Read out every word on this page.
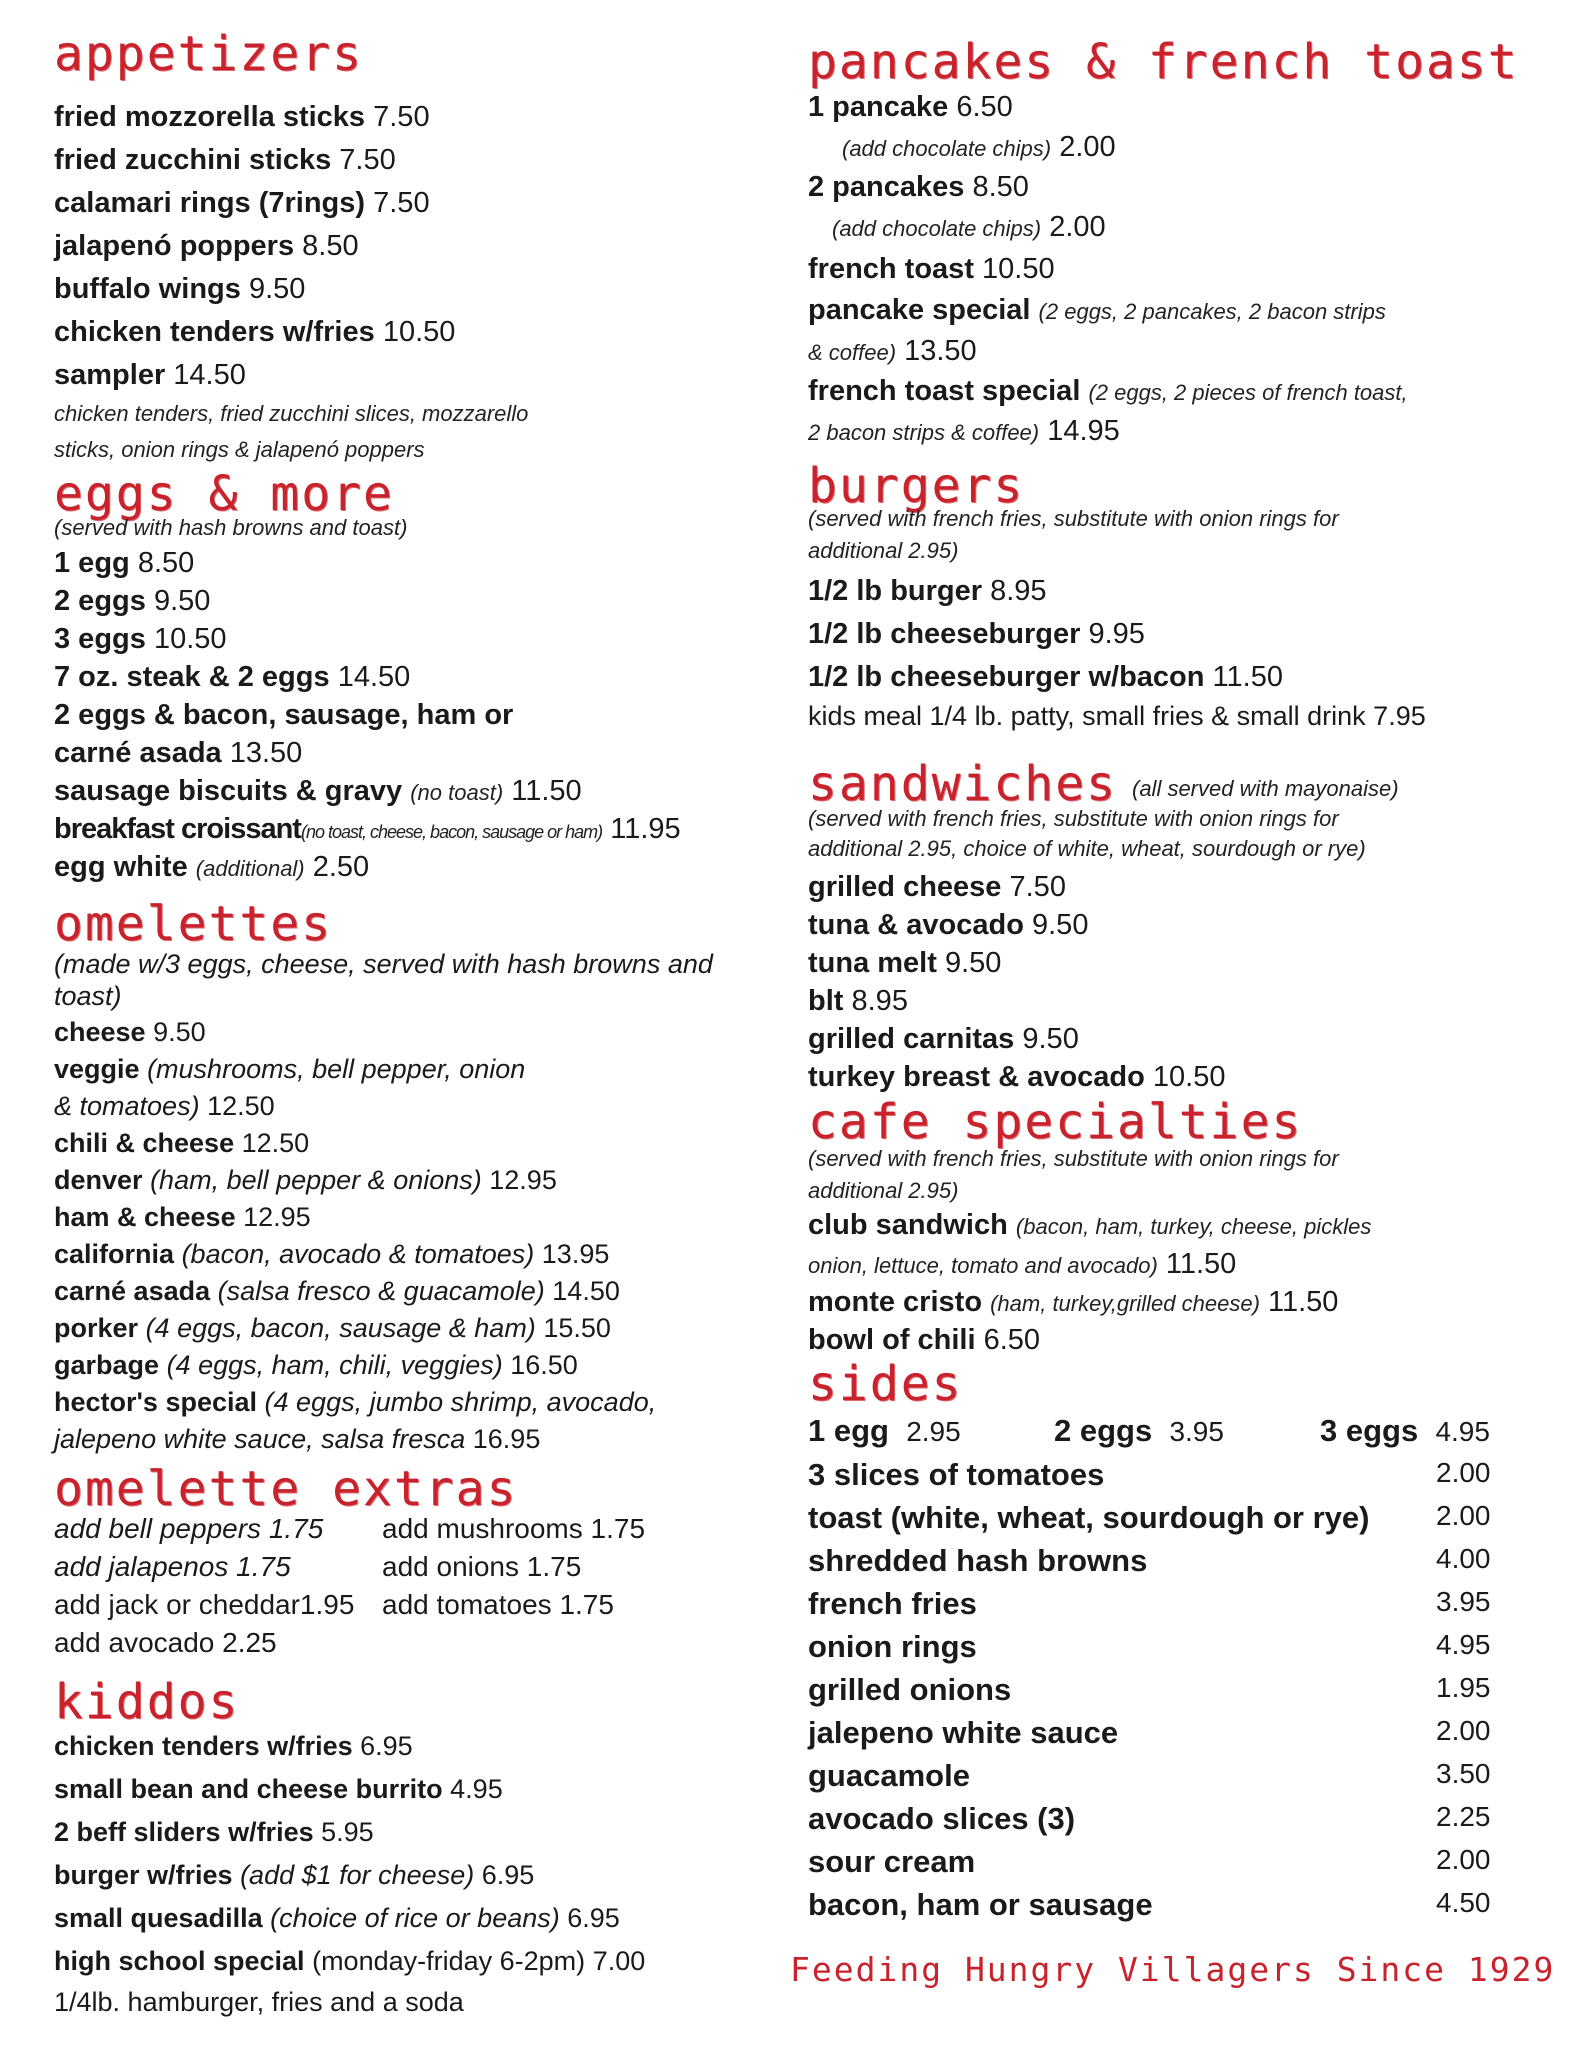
appetizers
fried mozzorella sticks 7.50
fried zucchini sticks 7.50
calamari rings (7rings) 7.50
jalapenó poppers 8.50
buffalo wings 9.50
chicken tenders w/fries 10.50
sampler 14.50
chicken tenders, fried zucchini slices, mozzarello
sticks, onion rings & jalapenó poppers
eggs & more
(served with hash browns and toast)
1 egg 8.50
2 eggs 9.50
3 eggs 10.50
7 oz. steak & 2 eggs 14.50
2 eggs & bacon, sausage, ham or
carné asada 13.50
sausage biscuits & gravy (no toast) 11.50
breakfast croissant(no toast, cheese, bacon, sausage or ham) 11.95
egg white (additional) 2.50
omelettes
(made w/3 eggs, cheese, served with hash browns and
toast)
cheese 9.50
veggie (mushrooms, bell pepper, onion
& tomatoes) 12.50
chili & cheese 12.50
denver (ham, bell pepper & onions) 12.95
ham & cheese 12.95
california (bacon, avocado & tomatoes) 13.95
carné asada (salsa fresco & guacamole) 14.50
porker (4 eggs, bacon, sausage & ham) 15.50
garbage (4 eggs, ham, chili, veggies) 16.50
hector's special (4 eggs, jumbo shrimp, avocado,
jalepeno white sauce, salsa fresca 16.95
omelette extras
add bell peppers 1.75
add jalapenos 1.75
add jack or cheddar1.95
add avocado 2.25
add mushrooms 1.75
add onions 1.75
add tomatoes 1.75
kiddos
chicken tenders w/fries 6.95
small bean and cheese burrito 4.95
2 beff sliders w/fries 5.95
burger w/fries (add $1 for cheese) 6.95
small quesadilla (choice of rice or beans) 6.95
high school special (monday-friday 6-2pm) 7.00
1/4lb. hamburger, fries and a soda
pancakes & french toast
1 pancake 6.50
(add chocolate chips) 2.00
2 pancakes 8.50
(add chocolate chips) 2.00
french toast 10.50
pancake special (2 eggs, 2 pancakes, 2 bacon strips
& coffee) 13.50
french toast special (2 eggs, 2 pieces of french toast,
2 bacon strips & coffee) 14.95
burgers
(served with french fries, substitute with onion rings for
additional 2.95)
1/2 lb burger 8.95
1/2 lb cheeseburger 9.95
1/2 lb cheeseburger w/bacon 11.50
kids meal 1/4 lb. patty, small fries & small drink 7.95
sandwiches (all served with mayonaise)
(served with french fries, substitute with onion rings for
additional 2.95, choice of white, wheat, sourdough or rye)
grilled cheese 7.50
tuna & avocado 9.50
tuna melt 9.50
blt 8.95
grilled carnitas 9.50
turkey breast & avocado 10.50
cafe specialties
(served with french fries, substitute with onion rings for
additional 2.95)
club sandwich (bacon, ham, turkey, cheese, pickles
onion, lettuce, tomato and avocado) 11.50
monte cristo (ham, turkey,grilled cheese) 11.50
bowl of chili 6.50
sides
1 egg 2.95	2 eggs 3.95	3 eggs 4.95
3 slices of tomatoes	2.00
toast (white, wheat, sourdough or rye) 2.00
shredded hash browns	4.00
french fries	3.95
onion rings	4.95
grilled onions	1.95
jalepeno white sauce	2.00
guacamole	3.50
avocado slices (3)	2.25
sour cream	2.00
bacon, ham or sausage	4.50
Feeding Hungry Villagers Since 1929
